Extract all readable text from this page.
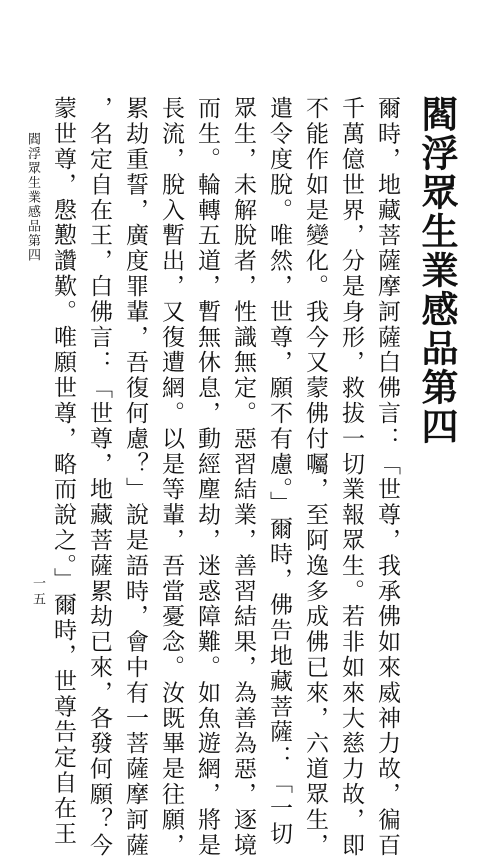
閻浮眾生業感品第四
爾時，地藏菩薩摩訶薩白佛言：「世尊，我承佛如來威神力故，徧百
千萬億世界，分是身形，救拔一切業報眾生。若非如來大慈力故，即
不能作如是變化。我今又蒙佛付囑，至阿逸多成佛已來，六道眾生，
遣令度脫。唯然，世尊，願不有慮。」爾時，佛告地藏菩薩：「一切
眾生，未解脫者，性識無定。惡習結業，善習結果，為善為惡，逐境
而生。輪轉五道，暫無休息，動經塵劫，迷惑障難。如魚遊網，將是
長流，脫入暫出，又復遭網。以是等輩，吾當憂念。汝既畢是往願，
累劫重誓，廣度罪輩，吾復何慮？」說是語時，會中有一菩薩摩訶薩
，名定自在王，白佛言：「世尊，地藏菩薩累劫已來，各發何願？今
蒙世尊，慇懃讚歎。唯願世尊，略而說之。」爾時，世尊告定自在王
閻浮眾生業感品第四
一五
